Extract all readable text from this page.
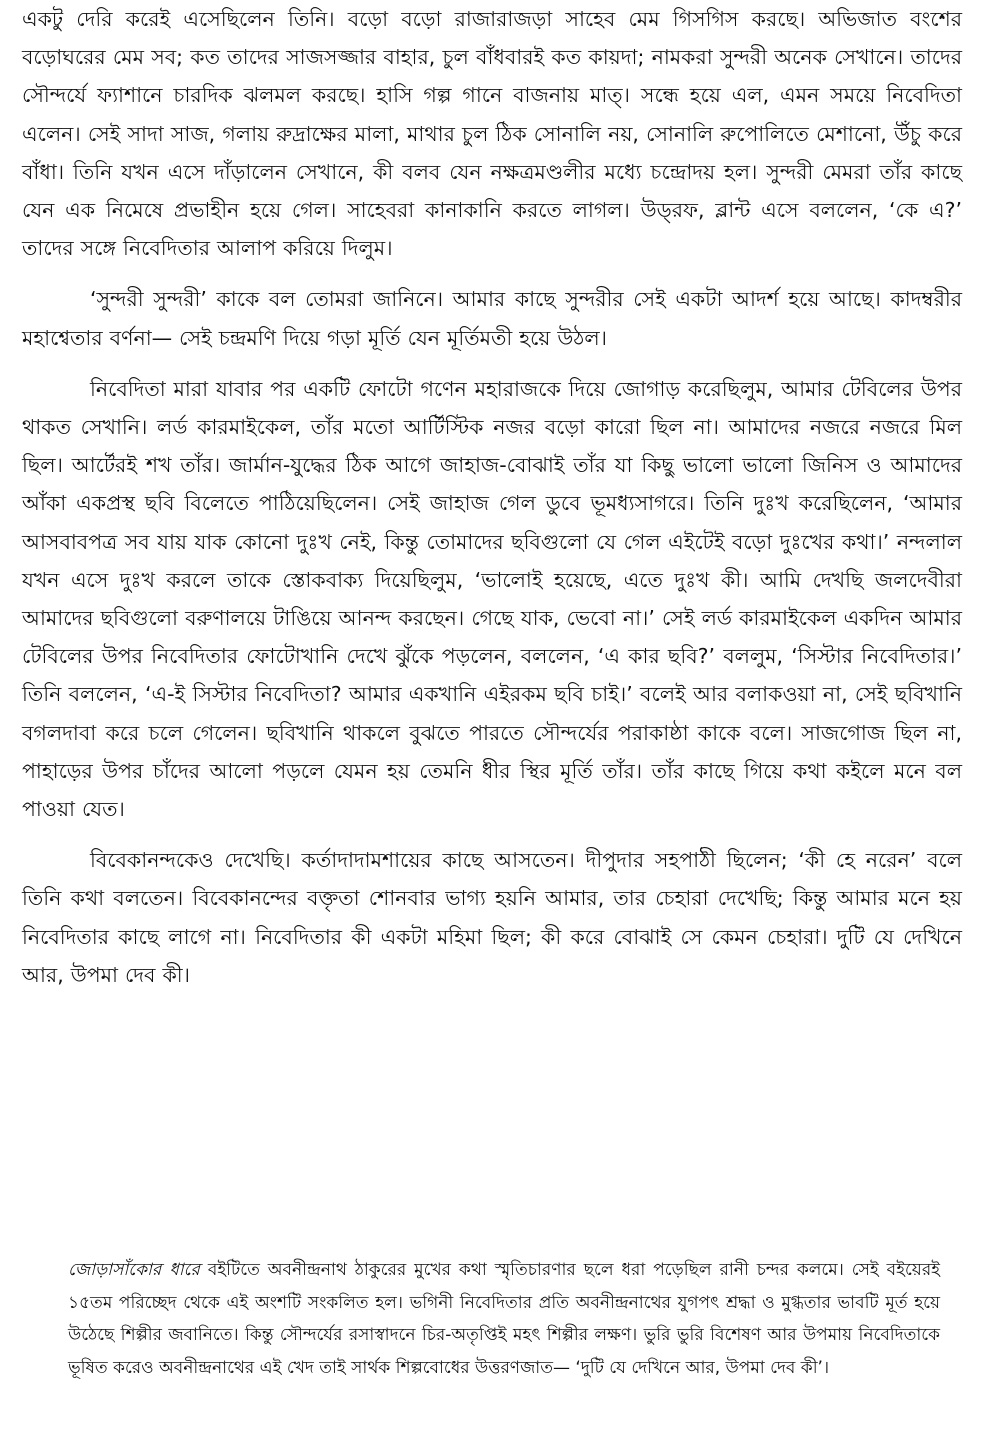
একটু দেরি করেই এসেছিলেন তিনি। বড়ো বড়ো রাজারাজড়া সাহেব মেম গিসগিস করছে। অভিজাত বংশের বড়োঘরের মেম সব; কত তাদের সাজসজ্জার বাহার, চুল বাঁধবারই কত কায়দা; নামকরা সুন্দরী অনেক সেখানে। তাদের সৌন্দর্যে ফ্যাশানে চারদিক ঝলমল করছে। হাসি গল্প গানে বাজনায় মাত্‌। সন্ধে হয়ে এল, এমন সময়ে নিবেদিতা এলেন। সেই সাদা সাজ, গলায় রুদ্রাক্ষের মালা, মাথার চুল ঠিক সোনালি নয়, সোনালি রুপোলিতে মেশানো, উঁচু করে বাঁধা। তিনি যখন এসে দাঁড়ালেন সেখানে, কী বলব যেন নক্ষত্রমণ্ডলীর মধ্যে চন্দ্রোদয় হল। সুন্দরী মেমরা তাঁর কাছে যেন এক নিমেষে প্রভাহীন হয়ে গেল। সাহেবরা কানাকানি করতে লাগল। উড্‌রফ, ব্লান্ট এসে বললেন, ‘কে এ?’ তাদের সঙ্গে নিবেদিতার আলাপ করিয়ে দিলুম।

‘সুন্দরী সুন্দরী’ কাকে বল তোমরা জানিনে। আমার কাছে সুন্দরীর সেই একটা আদর্শ হয়ে আছে। কাদম্বরীর মহাশ্বেতার বর্ণনা— সেই চন্দ্রমণি দিয়ে গড়া মূর্তি যেন মূর্তিমতী হয়ে উঠল।

নিবেদিতা মারা যাবার পর একটি ফোটো গণেন মহারাজকে দিয়ে জোগাড় করেছিলুম, আমার টেবিলের উপর থাকত সেখানি। লর্ড কারমাইকেল, তাঁর মতো আর্টিস্টিক নজর বড়ো কারো ছিল না। আমাদের নজরে নজরে মিল ছিল। আর্টেরই শখ তাঁর। জার্মান-যুদ্ধের ঠিক আগে জাহাজ-বোঝাই তাঁর যা কিছু ভালো ভালো জিনিস ও আমাদের আঁকা একপ্রস্থ ছবি বিলেতে পাঠিয়েছিলেন। সেই জাহাজ গেল ডুবে ভূমধ্যসাগরে। তিনি দুঃখ করেছিলেন, ‘আমার আসবাবপত্র সব যায় যাক কোনো দুঃখ নেই, কিন্তু তোমাদের ছবিগুলো যে গেল এইটেই বড়ো দুঃখের কথা।’ নন্দলাল যখন এসে দুঃখ করলে তাকে স্তোকবাক্য দিয়েছিলুম, ‘ভালোই হয়েছে, এতে দুঃখ কী। আমি দেখছি জলদেবীরা আমাদের ছবিগুলো বরুণালয়ে টাঙিয়ে আনন্দ করছেন। গেছে যাক, ভেবো না।’ সেই লর্ড কারমাইকেল একদিন আমার টেবিলের উপর নিবেদিতার ফোটোখানি দেখে ঝুঁকে পড়লেন, বললেন, ‘এ কার ছবি?’ বললুম, ‘সিস্টার নিবেদিতার।’ তিনি বললেন, ‘এ-ই সিস্টার নিবেদিতা? আমার একখানি এইরকম ছবি চাই।’ বলেই আর বলাকওয়া না, সেই ছবিখানি বগলদাবা করে চলে গেলেন। ছবিখানি থাকলে বুঝতে পারতে সৌন্দর্যের পরাকাষ্ঠা কাকে বলে। সাজগোজ ছিল না, পাহাড়ের উপর চাঁদের আলো পড়লে যেমন হয় তেমনি ধীর স্থির মূর্তি তাঁর। তাঁর কাছে গিয়ে কথা কইলে মনে বল পাওয়া যেত।

বিবেকানন্দকেও দেখেছি। কর্তাদাদামশায়ের কাছে আসতেন। দীপুদার সহপাঠী ছিলেন; ‘কী হে নরেন’ বলে তিনি কথা বলতেন। বিবেকানন্দের বক্তৃতা শোনবার ভাগ্য হয়নি আমার, তার চেহারা দেখেছি; কিন্তু আমার মনে হয় নিবেদিতার কাছে লাগে না। নিবেদিতার কী একটা মহিমা ছিল; কী করে বোঝাই সে কেমন চেহারা। দুটি যে দেখিনে আর, উপমা দেব কী।

জোড়াসাঁকোর ধারে বইটিতে অবনীন্দ্রনাথ ঠাকুরের মুখের কথা স্মৃতিচারণার ছলে ধরা পড়েছিল রানী চন্দর কলমে। সেই বইয়েরই ১৫তম পরিচ্ছেদ থেকে এই অংশটি সংকলিত হল। ভগিনী নিবেদিতার প্রতি অবনীন্দ্রনাথের যুগপৎ শ্রদ্ধা ও মুগ্ধতার ভাবটি মূর্ত হয়ে উঠেছে শিল্পীর জবানিতে। কিন্তু সৌন্দর্যের রসাস্বাদনে চির-অতৃপ্তিই মহৎ শিল্পীর লক্ষণ। ভুরি ভুরি বিশেষণ আর উপমায় নিবেদিতাকে ভূষিত করেও অবনীন্দ্রনাথের এই খেদ তাই সার্থক শিল্পবোধের উত্তরণজাত— ‘দুটি যে দেখিনে আর, উপমা দেব কী’।
